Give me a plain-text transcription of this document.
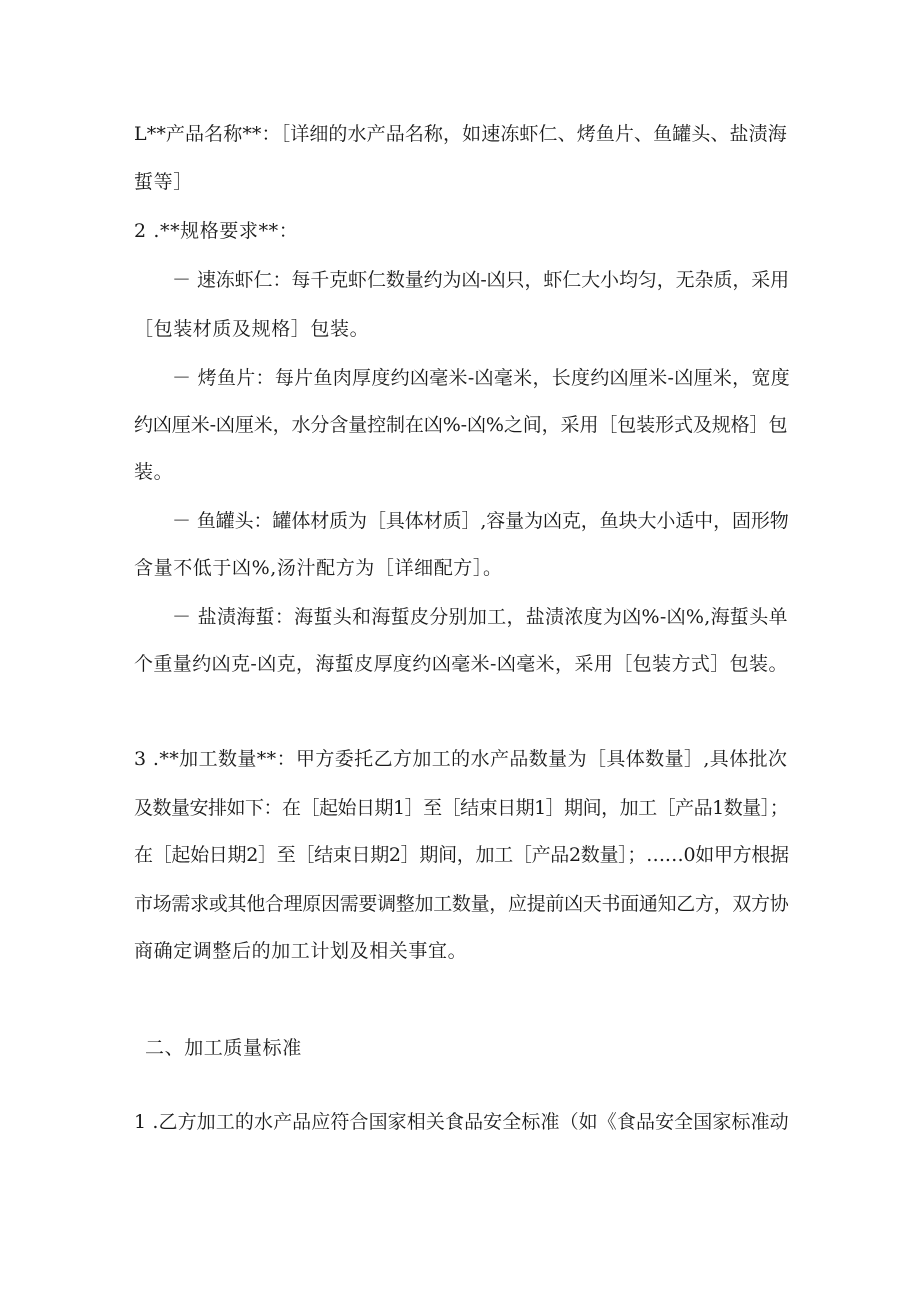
L**产品名称**：［详细的水产品名称，如速冻虾仁、烤鱼片、鱼罐头、盐渍海
蜇等］
2 .**规格要求**：
－ 速冻虾仁：每千克虾仁数量约为凶-凶只，虾仁大小均匀，无杂质，采用
［包装材质及规格］包装。
－ 烤鱼片：每片鱼肉厚度约凶毫米-凶毫米，长度约凶厘米-凶厘米，宽度
约凶厘米-凶厘米，水分含量控制在凶%-凶%之间，采用［包装形式及规格］包
装。
－ 鱼罐头：罐体材质为［具体材质］,容量为凶克，鱼块大小适中，固形物
含量不低于凶%,汤汁配方为［详细配方］。
－ 盐渍海蜇：海蜇头和海蜇皮分别加工，盐渍浓度为凶%-凶%,海蜇头单
个重量约凶克-凶克，海蜇皮厚度约凶毫米-凶毫米，采用［包装方式］包装。
3 .**加工数量**：甲方委托乙方加工的水产品数量为［具体数量］,具体批次
及数量安排如下：在［起始日期1］至［结束日期1］期间，加工［产品1数量］；
在［起始日期2］至［结束日期2］期间，加工［产品2数量］；……0如甲方根据
市场需求或其他合理原因需要调整加工数量，应提前凶天书面通知乙方，双方协
商确定调整后的加工计划及相关事宜。
二、加工质量标准
1 .乙方加工的水产品应符合国家相关食品安全标准（如《食品安全国家标准动
